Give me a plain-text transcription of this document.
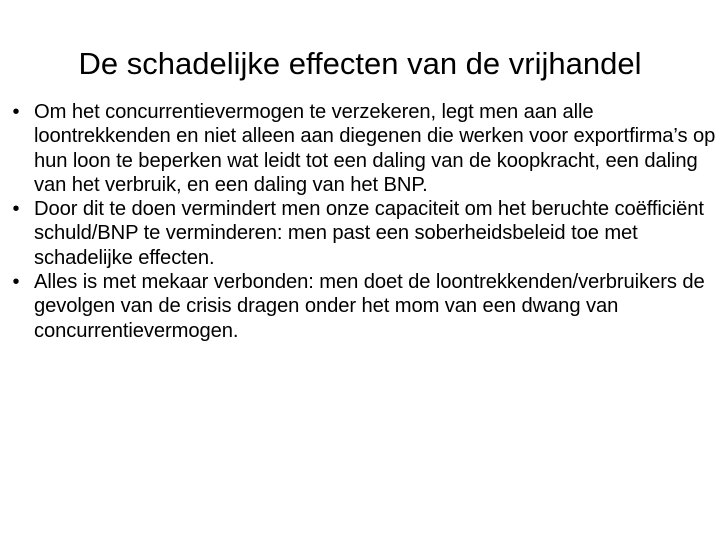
De schadelijke effecten van de vrijhandel
• Om het concurrentievermogen te verzekeren, legt men aan alle loontrekkenden en niet alleen aan diegenen die werken voor exportfirma’s op hun loon te beperken wat leidt tot een daling van de koopkracht, een daling van het verbruik, en een daling van het BNP.
• Door dit te doen vermindert men onze capaciteit om het beruchte coëfficiënt schuld/BNP te verminderen: men past een soberheidsbeleid toe met schadelijke effecten.
• Alles is met mekaar verbonden: men doet de loontrekkenden/verbruikers de gevolgen van de crisis dragen onder het mom van een dwang van concurrentievermogen.
